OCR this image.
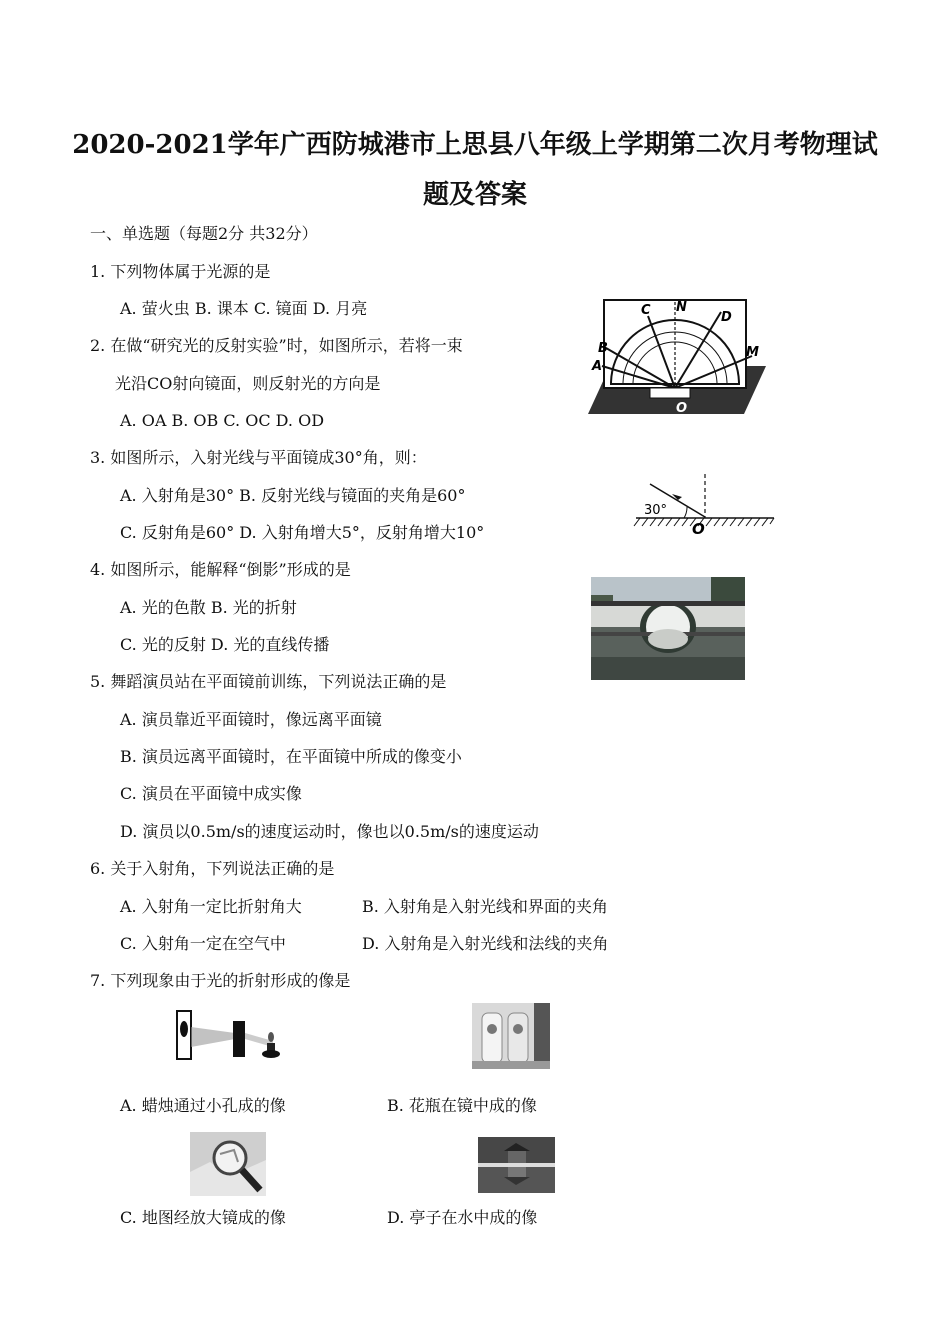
2020-2021学年广西防城港市上思县八年级上学期第二次月考物理试
题及答案
一、单选题（每题2分 共32分）
1. 下列物体属于光源的是
A. 萤火虫 B. 课本 C. 镜面 D. 月亮
2. 在做“研究光的反射实验”时，如图所示，若将一束
光沿CO射向镜面，则反射光的方向是
A. OA B. OB C. OC D. OD
A
B
C N
D
M
O
3. 如图所示，入射光线与平面镜成30°角，则：
A. 入射角是30° B. 反射光线与镜面的夹角是60°
C. 反射角是60° D. 入射角增大5°，反射角增大10°
30°
O
4. 如图所示，能解释“倒影”形成的是
A. 光的色散 B. 光的折射
C. 光的反射 D. 光的直线传播
5. 舞蹈演员站在平面镜前训练，下列说法正确的是
A. 演员靠近平面镜时，像远离平面镜
B. 演员远离平面镜时，在平面镜中所成的像变小
C. 演员在平面镜中成实像
D. 演员以0.5m/s的速度运动时，像也以0.5m/s的速度运动
6. 关于入射角，下列说法正确的是
A. 入射角一定比折射角大	B. 入射角是入射光线和界面的夹角
C. 入射角一定在空气中	D. 入射角是入射光线和法线的夹角
7. 下列现象由于光的折射形成的像是
A. 蜡烛通过小孔成的像	B. 花瓶在镜中成的像
C. 地图经放大镜成的像	D. 亭子在水中成的像
